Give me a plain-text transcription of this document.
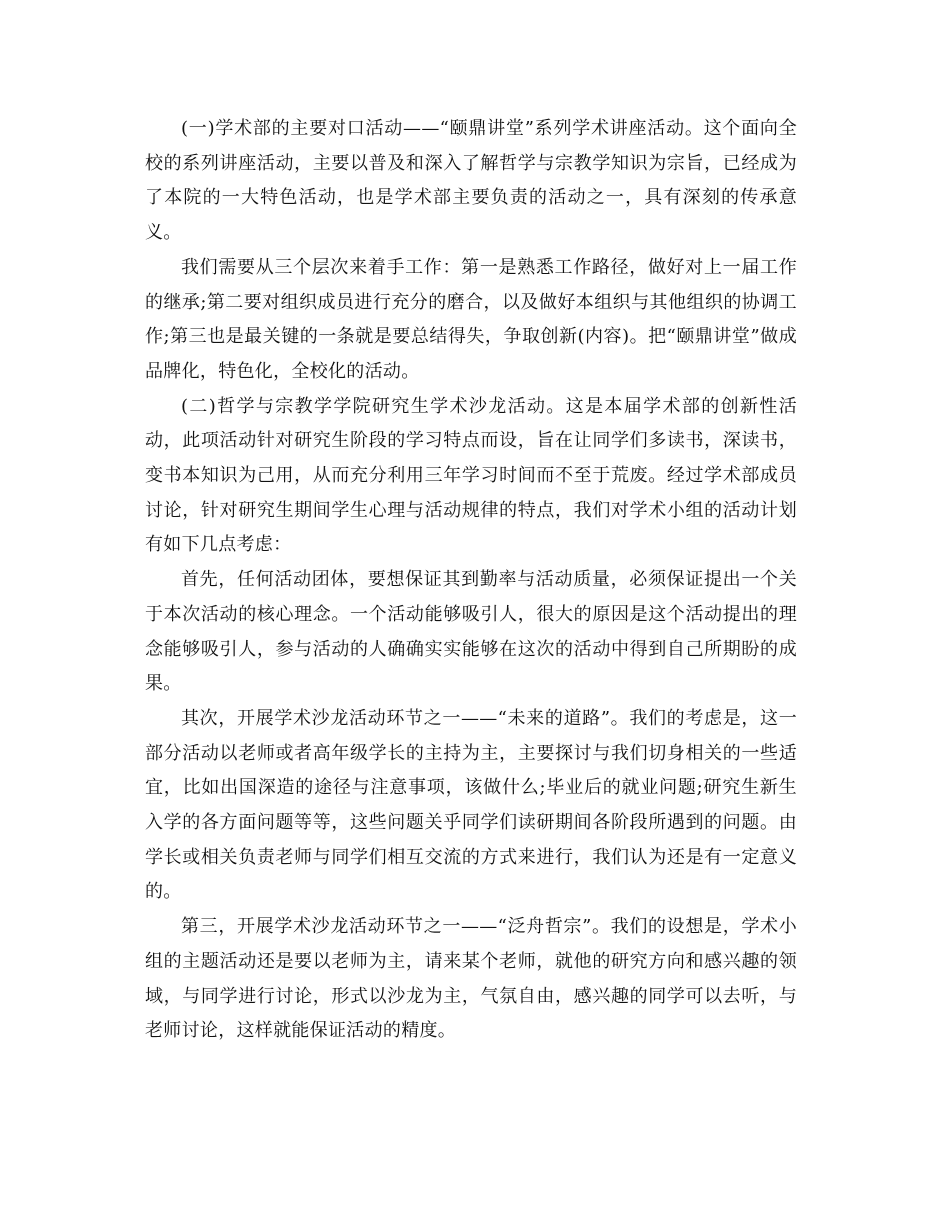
(一)学术部的主要对口活动——“颐鼎讲堂”系列学术讲座活动。这个面向全校的系列讲座活动，主要以普及和深入了解哲学与宗教学知识为宗旨，已经成为了本院的一大特色活动，也是学术部主要负责的活动之一，具有深刻的传承意义。

我们需要从三个层次来着手工作：第一是熟悉工作路径，做好对上一届工作的继承;第二要对组织成员进行充分的磨合，以及做好本组织与其他组织的协调工作;第三也是最关键的一条就是要总结得失，争取创新(内容)。把“颐鼎讲堂”做成品牌化，特色化，全校化的活动。

(二)哲学与宗教学学院研究生学术沙龙活动。这是本届学术部的创新性活动，此项活动针对研究生阶段的学习特点而设，旨在让同学们多读书，深读书，变书本知识为己用，从而充分利用三年学习时间而不至于荒废。经过学术部成员讨论，针对研究生期间学生心理与活动规律的特点，我们对学术小组的活动计划有如下几点考虑：

首先，任何活动团体，要想保证其到勤率与活动质量，必须保证提出一个关于本次活动的核心理念。一个活动能够吸引人，很大的原因是这个活动提出的理念能够吸引人，参与活动的人确确实实能够在这次的活动中得到自己所期盼的成果。

其次，开展学术沙龙活动环节之一——“未来的道路”。我们的考虑是，这一部分活动以老师或者高年级学长的主持为主，主要探讨与我们切身相关的一些适宜，比如出国深造的途径与注意事项，该做什么;毕业后的就业问题;研究生新生入学的各方面问题等等，这些问题关乎同学们读研期间各阶段所遇到的问题。由学长或相关负责老师与同学们相互交流的方式来进行，我们认为还是有一定意义的。

第三，开展学术沙龙活动环节之一——“泛舟哲宗”。我们的设想是，学术小组的主题活动还是要以老师为主，请来某个老师，就他的研究方向和感兴趣的领域，与同学进行讨论，形式以沙龙为主，气氛自由，感兴趣的同学可以去听，与老师讨论，这样就能保证活动的精度。
